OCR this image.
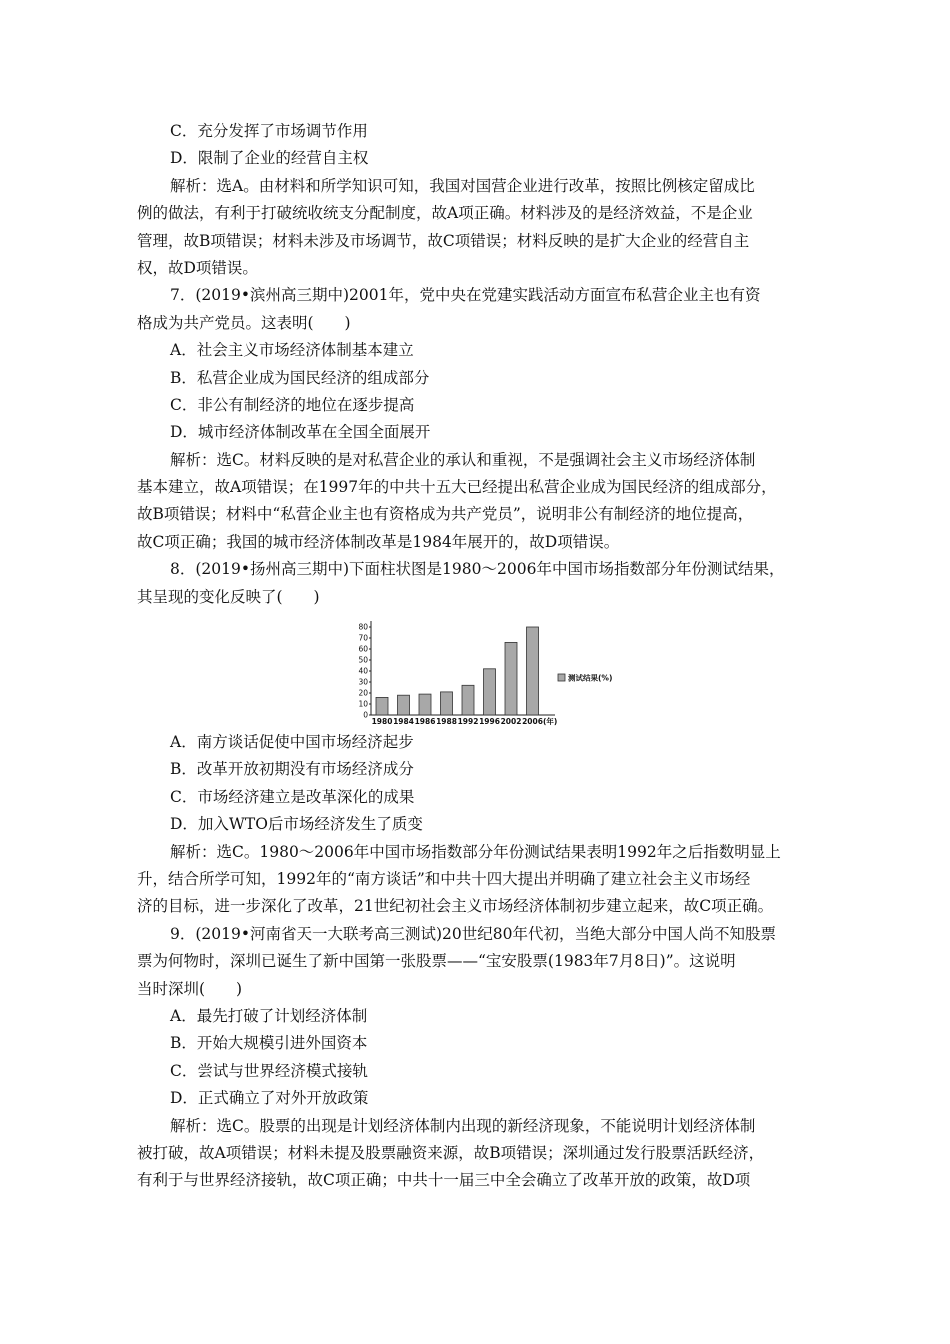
C．充分发挥了市场调节作用
D．限制了企业的经营自主权
解析：选A。由材料和所学知识可知，我国对国营企业进行改革，按照比例核定留成比
例的做法，有利于打破统收统支分配制度，故A项正确。材料涉及的是经济效益，不是企业
管理，故B项错误；材料未涉及市场调节，故C项错误；材料反映的是扩大企业的经营自主
权，故D项错误。
7．(2019•滨州高三期中)2001年，党中央在党建实践活动方面宣布私营企业主也有资
格成为共产党员。这表明(　　)
A．社会主义市场经济体制基本建立
B．私营企业成为国民经济的组成部分
C．非公有制经济的地位在逐步提高
D．城市经济体制改革在全国全面展开
解析：选C。材料反映的是对私营企业的承认和重视，不是强调社会主义市场经济体制
基本建立，故A项错误；在1997年的中共十五大已经提出私营企业成为国民经济的组成部分，
故B项错误；材料中“私营企业主也有资格成为共产党员”，说明非公有制经济的地位提高，
故C项正确；我国的城市经济体制改革是1984年展开的，故D项错误。
8．(2019•扬州高三期中)下面柱状图是1980～2006年中国市场指数部分年份测试结果，
其呈现的变化反映了(　　)
0
10
20
30
40
50
60
70
80
1980 1984 1986 1988 1992 1996 2002 2006 (年)
测试结果(%)
A．南方谈话促使中国市场经济起步
B．改革开放初期没有市场经济成分
C．市场经济建立是改革深化的成果
D．加入WTO后市场经济发生了质变
解析：选C。1980～2006年中国市场指数部分年份测试结果表明1992年之后指数明显上
升，结合所学可知，1992年的“南方谈话”和中共十四大提出并明确了建立社会主义市场经
济的目标，进一步深化了改革，21世纪初社会主义市场经济体制初步建立起来，故C项正确。
9．(2019•河南省天一大联考高三测试)20世纪80年代初，当绝大部分中国人尚不知股票
票为何物时，深圳已诞生了新中国第一张股票——“宝安股票(1983年7月8日)”。这说明
当时深圳(　　)
A．最先打破了计划经济体制
B．开始大规模引进外国资本
C．尝试与世界经济模式接轨
D．正式确立了对外开放政策
解析：选C。股票的出现是计划经济体制内出现的新经济现象，不能说明计划经济体制
被打破，故A项错误；材料未提及股票融资来源，故B项错误；深圳通过发行股票活跃经济，
有利于与世界经济接轨，故C项正确；中共十一届三中全会确立了改革开放的政策，故D项
